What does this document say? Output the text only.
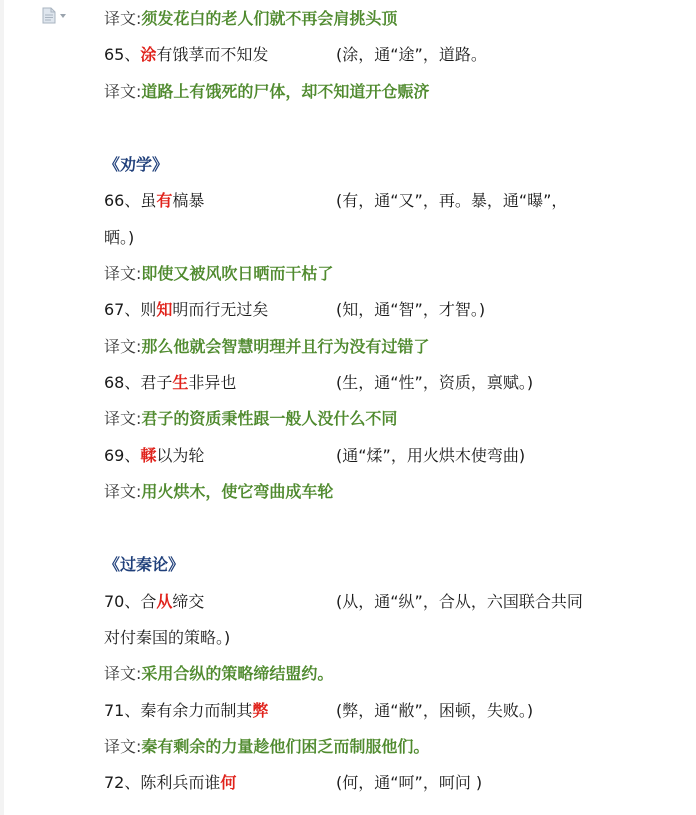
译文:须发花白的老人们就不再会肩挑头顶
65、涂有饿莩而不知发	(涂，通“途”，道路。
译文:道路上有饿死的尸体，却不知道开仓赈济
《劝学》
66、虽有槁暴	(有，通“又”，再。暴，通“曝”，
晒。)
译文:即使又被风吹日晒而干枯了
67、则知明而行无过矣	(知，通“智”，才智。)
译文:那么他就会智慧明理并且行为没有过错了
68、君子生非异也	(生，通“性”，资质，禀赋。)
译文:君子的资质秉性跟一般人没什么不同
69、輮以为轮	(通“煣”，用火烘木使弯曲)
译文:用火烘木，使它弯曲成车轮
《过秦论》
70、合从缔交	(从，通“纵”，合从，六国联合共同
对付秦国的策略。)
译文:采用合纵的策略缔结盟约。
71、秦有余力而制其弊	(弊，通“敝”，困顿，失败。)
译文:秦有剩余的力量趁他们困乏而制服他们。
72、陈利兵而谁何	(何，通“呵”，呵问 )
